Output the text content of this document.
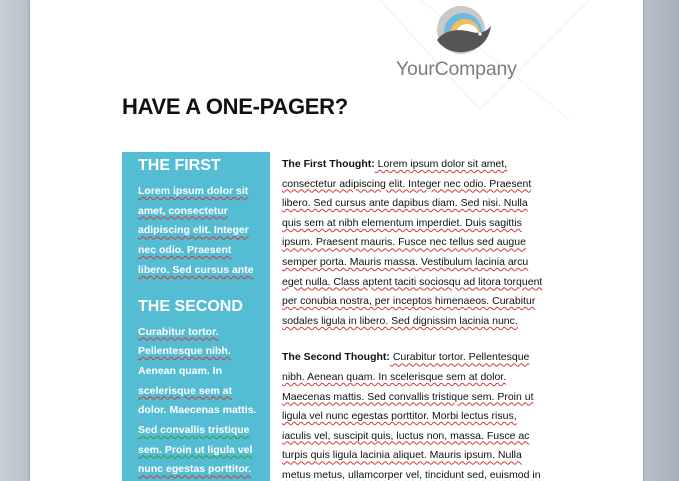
YourCompany
HAVE A ONE-PAGER?
THE FIRST
Lorem ipsum dolor sit
amet, consectetur
adipiscing elit. Integer
nec odio. Praesent
libero. Sed cursus ante
THE SECOND
Curabitur tortor.
Pellentesque nibh.
Aenean quam. In
scelerisque sem at
dolor. Maecenas mattis.
Sed convallis tristique
sem. Proin ut ligula vel
nunc egestas porttitor.
The First Thought: Lorem ipsum dolor sit amet,
consectetur adipiscing elit. Integer nec odio. Praesent
libero. Sed cursus ante dapibus diam. Sed nisi. Nulla
quis sem at nibh elementum imperdiet. Duis sagittis
ipsum. Praesent mauris. Fusce nec tellus sed augue
semper porta. Mauris massa. Vestibulum lacinia arcu
eget nulla. Class aptent taciti sociosqu ad litora torquent
per conubia nostra, per inceptos himenaeos. Curabitur
sodales ligula in libero. Sed dignissim lacinia nunc.
The Second Thought: Curabitur tortor. Pellentesque
nibh. Aenean quam. In scelerisque sem at dolor.
Maecenas mattis. Sed convallis tristique sem. Proin ut
ligula vel nunc egestas porttitor. Morbi lectus risus,
iaculis vel, suscipit quis, luctus non, massa. Fusce ac
turpis quis ligula lacinia aliquet. Mauris ipsum. Nulla
metus metus, ullamcorper vel, tincidunt sed, euismod in
